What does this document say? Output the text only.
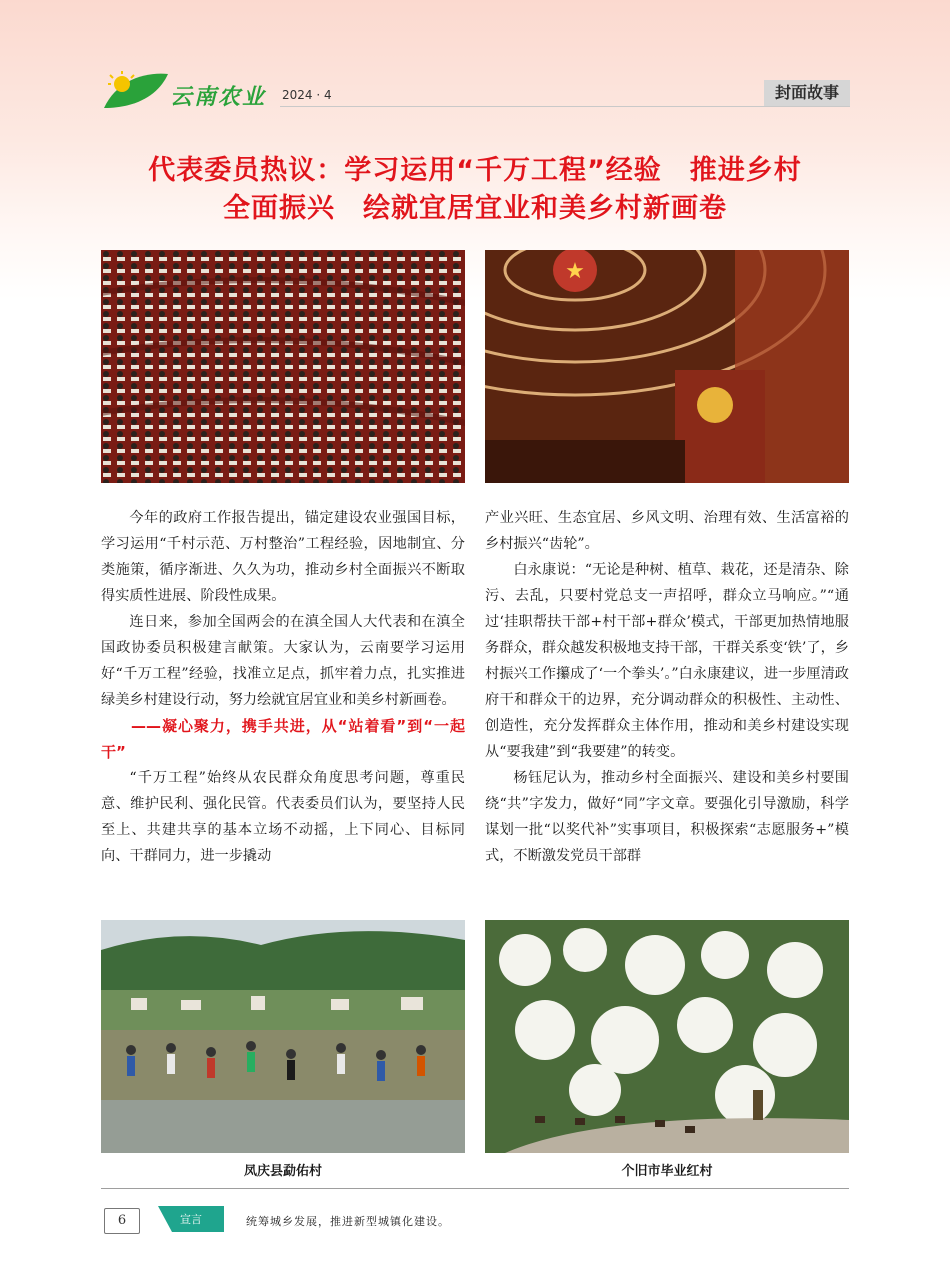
云南农业 2024 · 4	封面故事
代表委员热议：学习运用“千万工程”经验　推进乡村
全面振兴　绘就宜居宜业和美乡村新画卷
★

今年的政府工作报告提出，锚定建设农业强国目标，学习运用“千村示范、万村整治”工程经验，因地制宜、分类施策，循序渐进、久久为功，推动乡村全面振兴不断取得实质性进展、阶段性成果。

连日来，参加全国两会的在滇全国人大代表和在滇全国政协委员积极建言献策。大家认为，云南要学习运用好“千万工程”经验，找准立足点，抓牢着力点，扎实推进绿美乡村建设行动，努力绘就宜居宜业和美乡村新画卷。

——凝心聚力，携手共进，从“站着看”到“一起干”

“千万工程”始终从农民群众角度思考问题，尊重民意、维护民利、强化民管。代表委员们认为，要坚持人民至上、共建共享的基本立场不动摇，上下同心、目标同向、干群同力，进一步撬动

产业兴旺、生态宜居、乡风文明、治理有效、生活富裕的乡村振兴“齿轮”。

白永康说：“无论是种树、植草、栽花，还是清杂、除污、去乱，只要村党总支一声招呼，群众立马响应。”“通过‘挂职帮扶干部+村干部+群众’模式，干部更加热情地服务群众，群众越发积极地支持干部，干群关系变‘铁’了，乡村振兴工作攥成了‘一个拳头’。”白永康建议，进一步厘清政府干和群众干的边界，充分调动群众的积极性、主动性、创造性，充分发挥群众主体作用，推动和美乡村建设实现从“要我建”到“我要建”的转变。

杨钰尼认为，推动乡村全面振兴、建设和美乡村要围绕“共”字发力，做好“同”字文章。要强化引导激励，科学谋划一批“以奖代补”实事项目，积极探索“志愿服务+”模式，不断激发党员干部群

凤庆县勐佑村	个旧市毕业红村
6	宣言	统筹城乡发展，推进新型城镇化建设。
